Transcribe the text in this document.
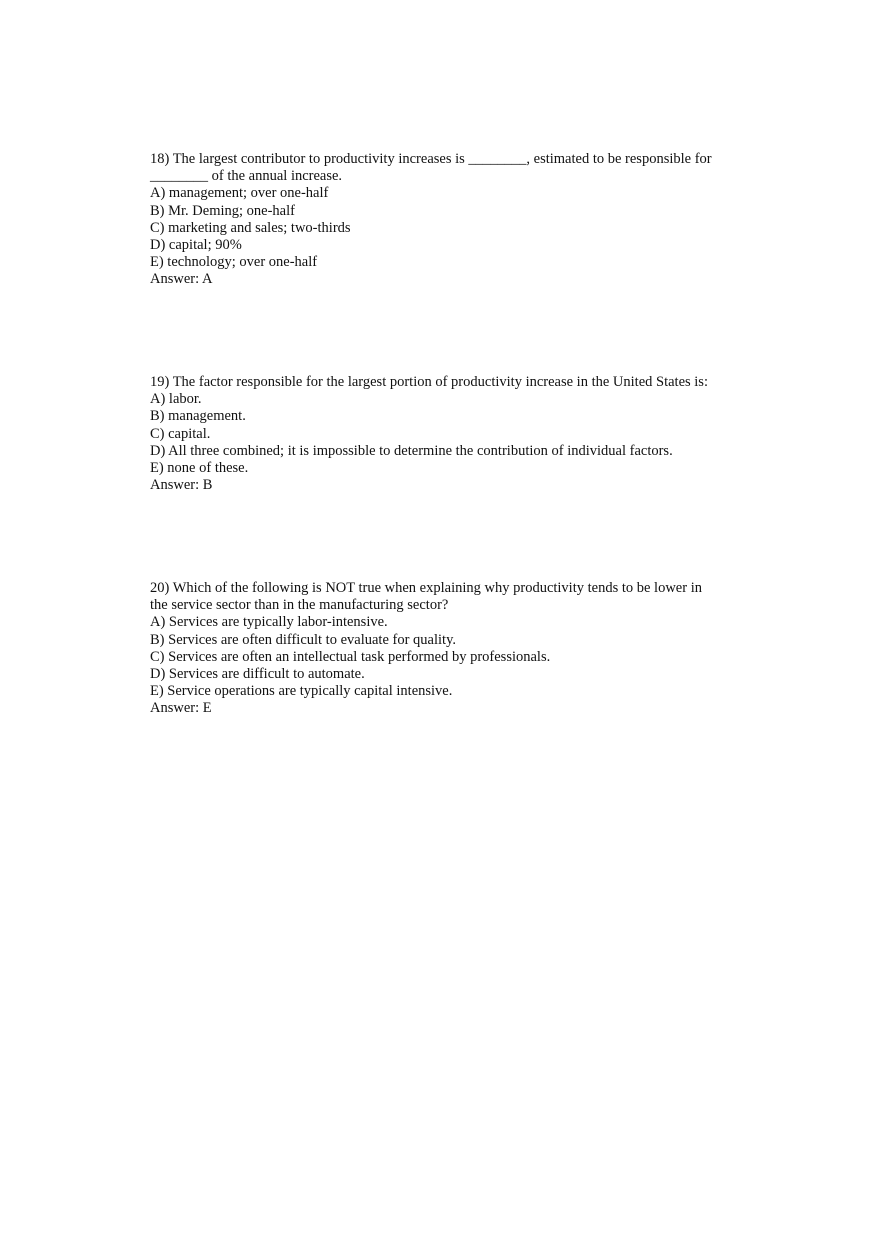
18) The largest contributor to productivity increases is ________, estimated to be responsible for
________ of the annual increase.

A) management; over one-half
B) Mr. Deming; one-half
C) marketing and sales; two-thirds
D) capital; 90%
E) technology; over one-half
Answer: A

19) The factor responsible for the largest portion of productivity increase in the United States is:

A) labor.
B) management.
C) capital.
D) All three combined; it is impossible to determine the contribution of individual factors.
E) none of these.
Answer: B

20) Which of the following is NOT true when explaining why productivity tends to be lower in
the service sector than in the manufacturing sector?

A) Services are typically labor-intensive.
B) Services are often difficult to evaluate for quality.
C) Services are often an intellectual task performed by professionals.
D) Services are difficult to automate.
E) Service operations are typically capital intensive.
Answer: E
